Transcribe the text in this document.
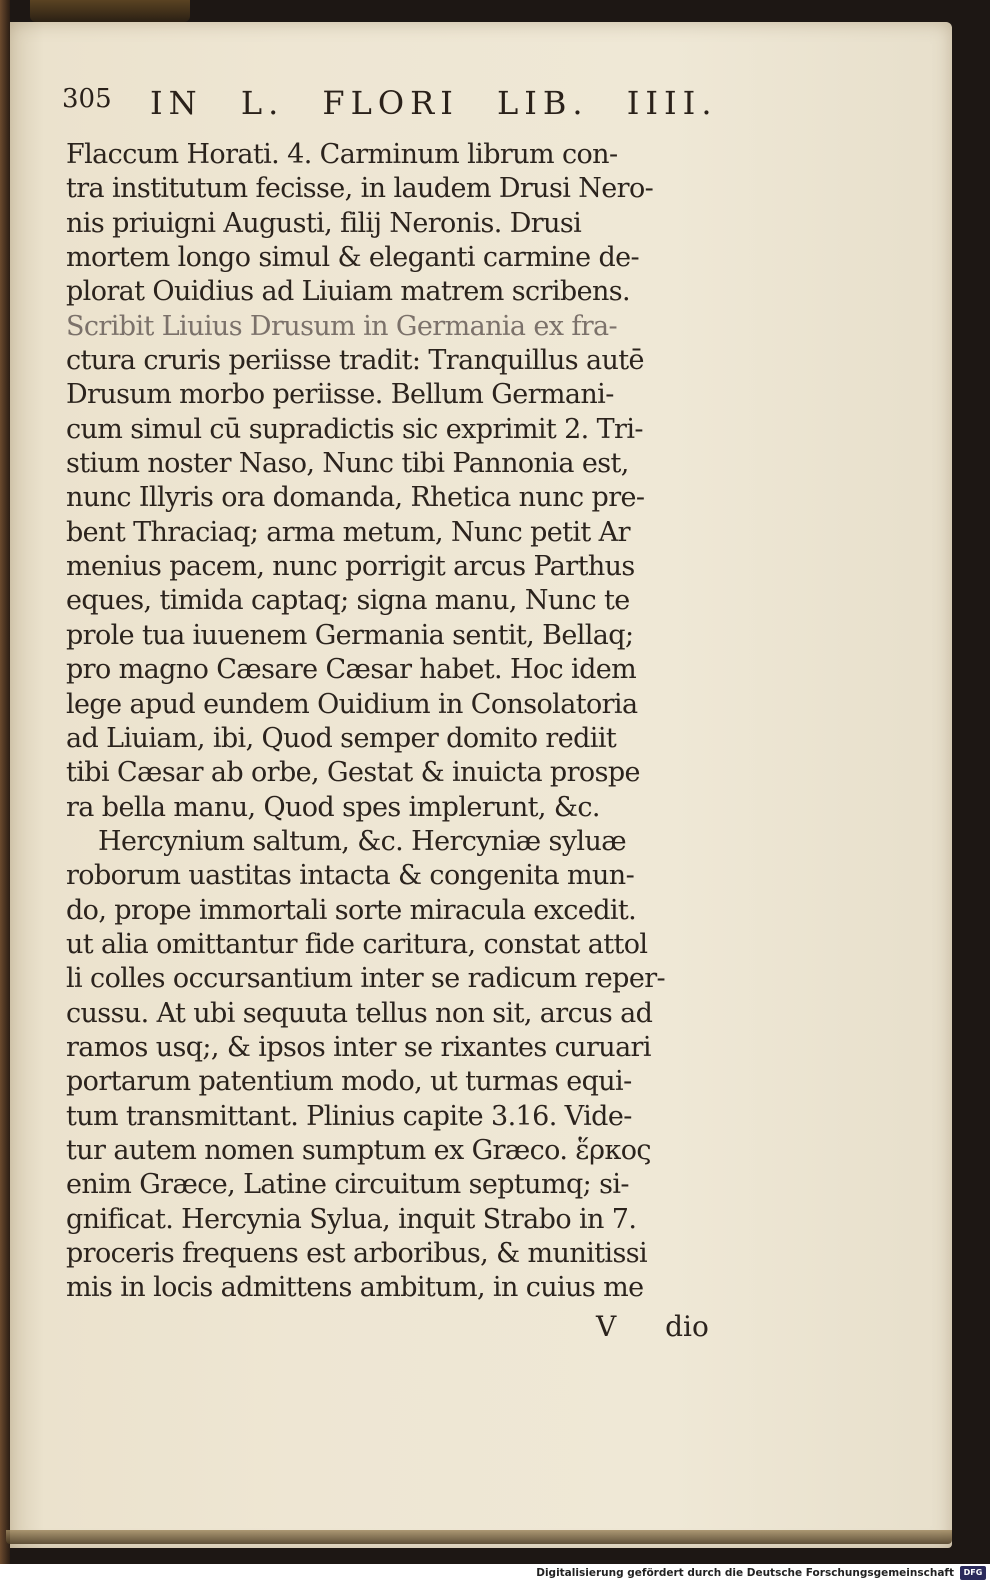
305 IN L. FLORI LIB. IIII.
Flaccum Horati. 4. Carminum librum con-
tra institutum fecisse, in laudem Drusi Nero-
nis priuigni Augusti, filij Neronis. Drusi
mortem longo simul & eleganti carmine de-
plorat Ouidius ad Liuiam matrem scribens.
Scribit Liuius Drusum in Germania ex fra-
ctura cruris periisse tradit: Tranquillus autē
Drusum morbo periisse. Bellum Germani-
cum simul cū supradictis sic exprimit 2. Tri-
stium noster Naso, Nunc tibi Pannonia est,
nunc Illyris ora domanda, Rhetica nunc pre-
bent Thraciaq; arma metum, Nunc petit Ar
menius pacem, nunc porrigit arcus Parthus
eques, timida captaq; signa manu, Nunc te
prole tua iuuenem Germania sentit, Bellaq;
pro magno Cæsare Cæsar habet. Hoc idem
lege apud eundem Ouidium in Consolatoria
ad Liuiam, ibi, Quod semper domito rediit
tibi Cæsar ab orbe, Gestat & inuicta prospe
ra bella manu, Quod spes implerunt, &c.
Hercynium saltum, &c. Hercyniæ syluæ
roborum uastitas intacta & congenita mun-
do, prope immortali sorte miracula excedit.
ut alia omittantur fide caritura, constat attol
li colles occursantium inter se radicum reper-
cussu. At ubi sequuta tellus non sit, arcus ad
ramos usq;, & ipsos inter se rixantes curuari
portarum patentium modo, ut turmas equi-
tum transmittant. Plinius capite 3.16. Vide-
tur autem nomen sumptum ex Græco. ἕρκος
enim Græce, Latine circuitum septumq; si-
gnificat. Hercynia Sylua, inquit Strabo in 7.
proceris frequens est arboribus, & munitissi
mis in locis admittens ambitum, in cuius me
V dio
Digitalisierung gefördert durch die Deutsche Forschungsgemeinschaft	DFG
